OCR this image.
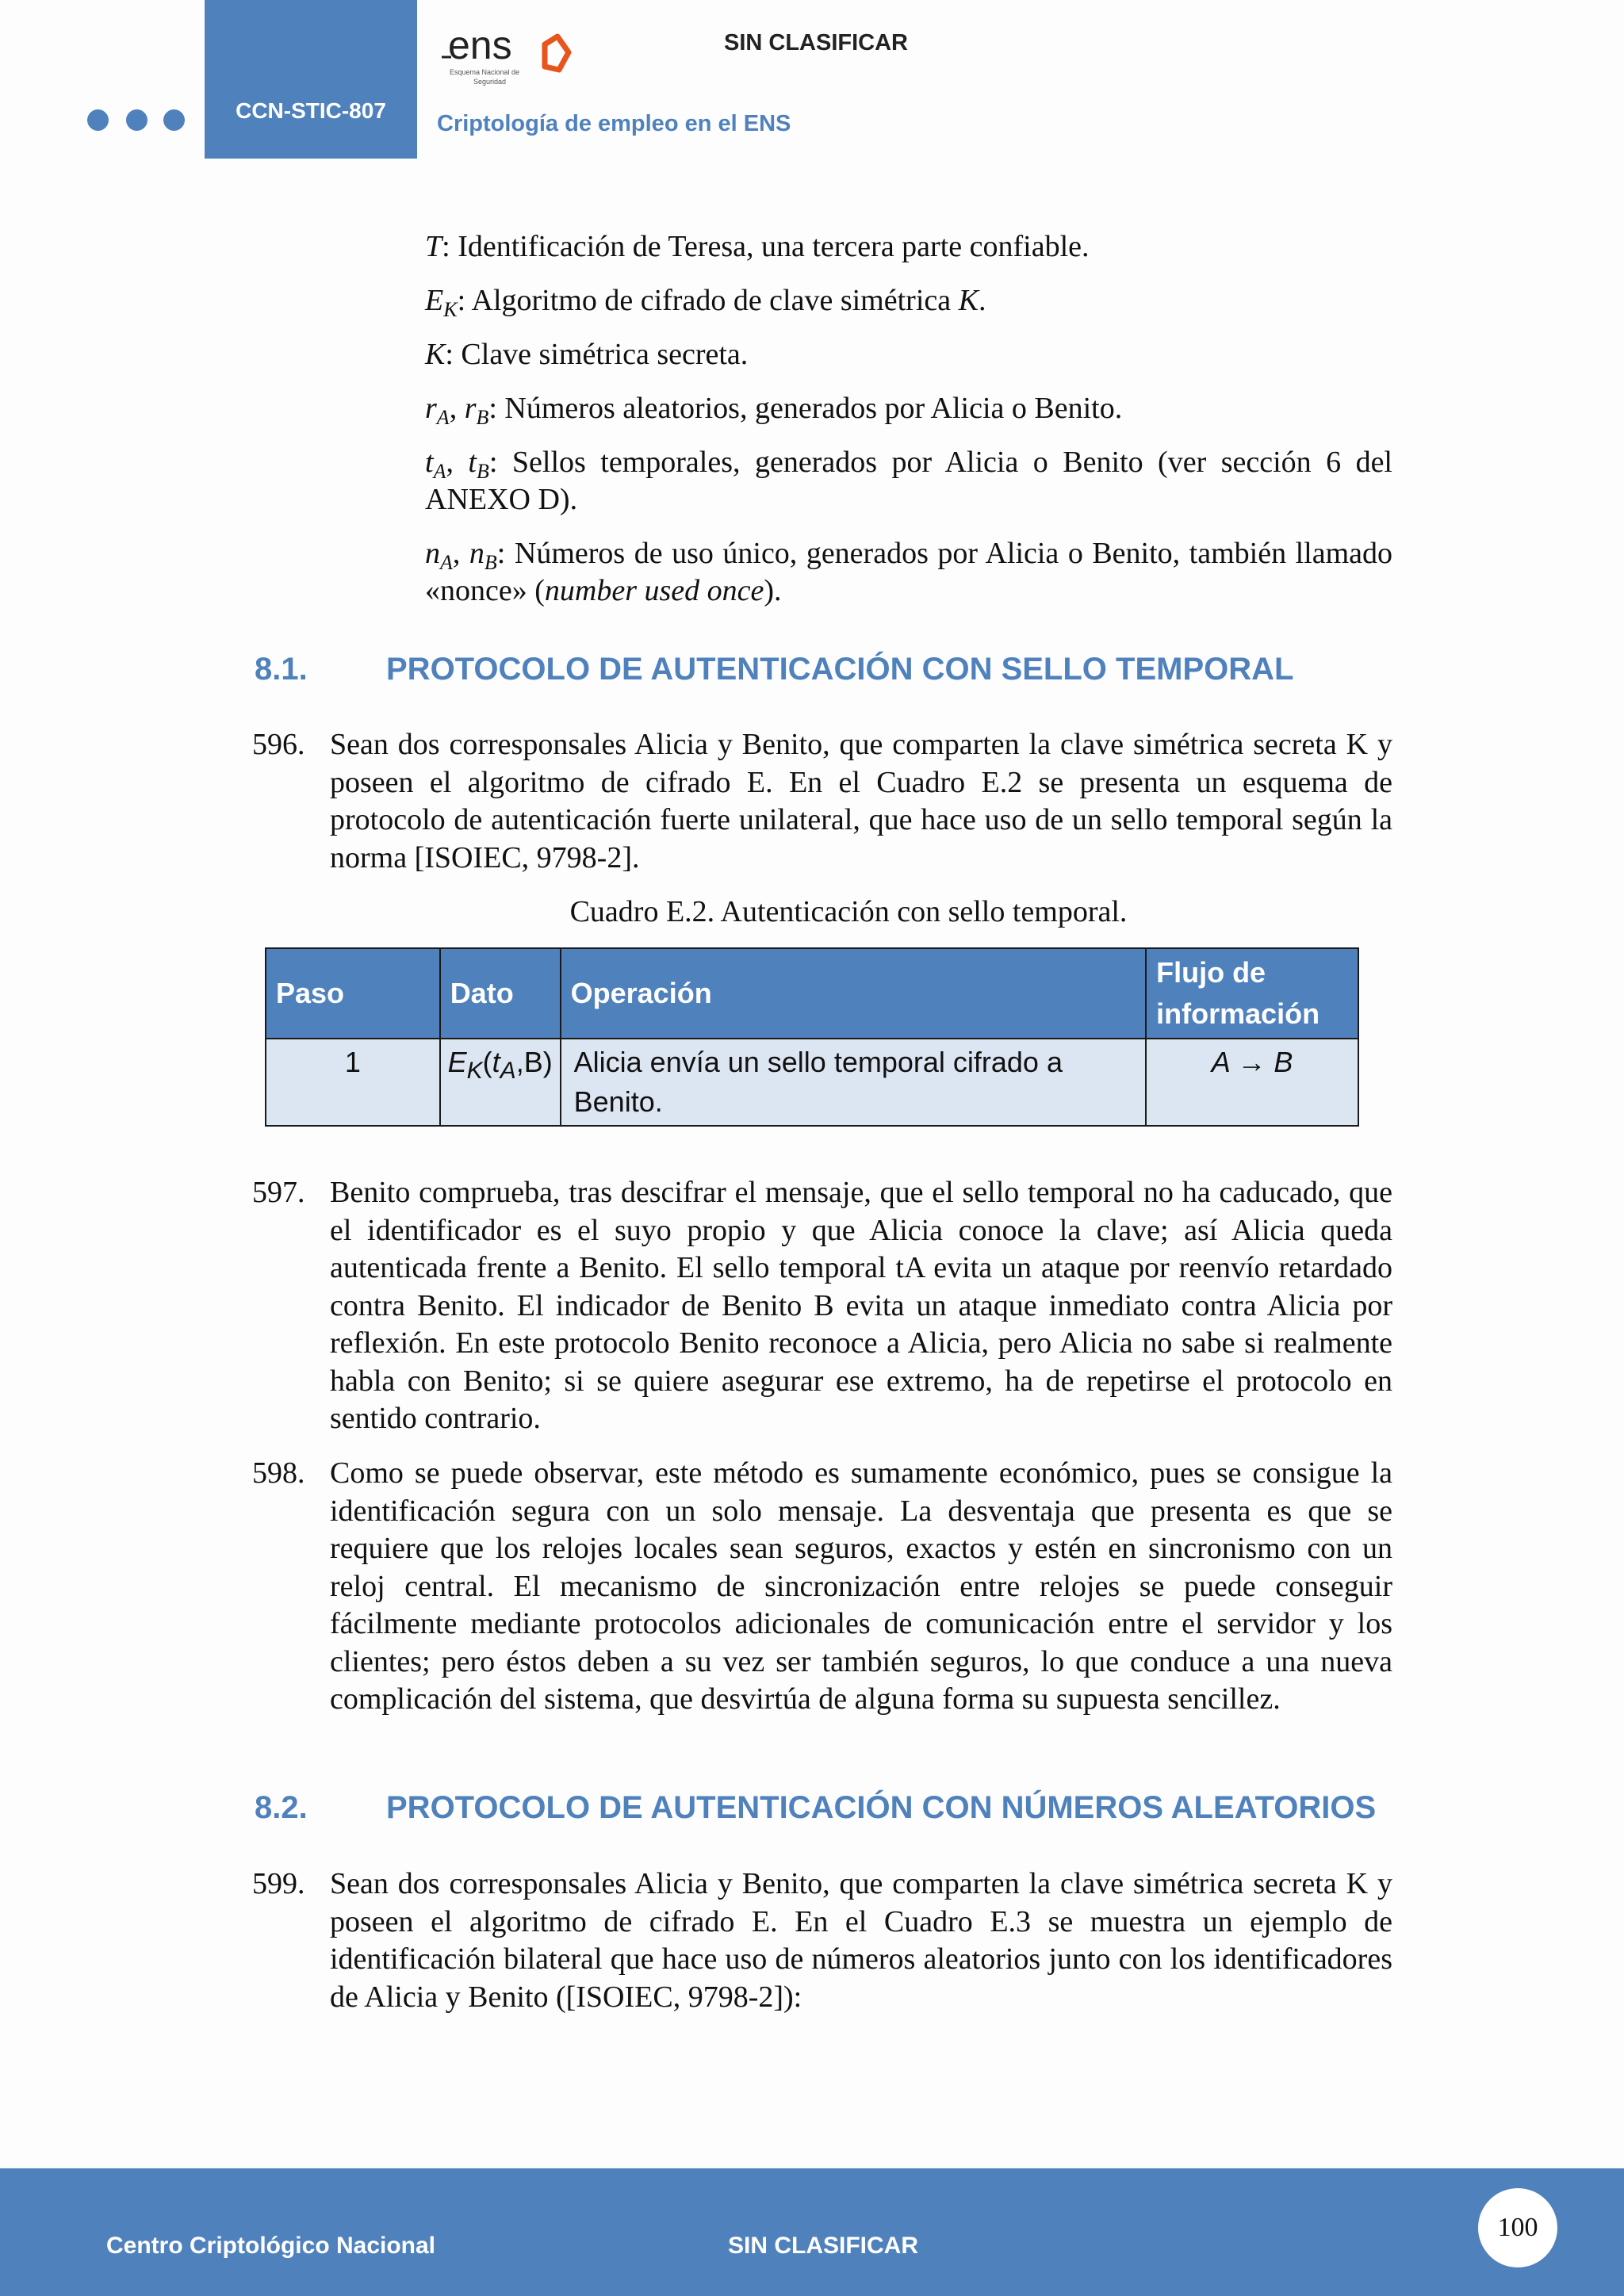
CCN-STIC-807
ens
Esquema Nacional de
Seguridad
SIN CLASIFICAR
Criptología de empleo en el ENS

T: Identificación de Teresa, una tercera parte confiable.

$E_K$: Algoritmo de cifrado de clave simétrica K.

K: Clave simétrica secreta.

$r_A$, $r_B$: Números aleatorios, generados por Alicia o Benito.

$t_A$, $t_B$: Sellos temporales, generados por Alicia o Benito (ver sección 6 del ANEXO D).

$n_A$, $n_B$: Números de uso único, generados por Alicia o Benito, también llamado «nonce» (number used once).

8.1. PROTOCOLO DE AUTENTICACIÓN CON SELLO TEMPORAL
596. Sean dos corresponsales Alicia y Benito, que comparten la clave simétrica secreta K y poseen el algoritmo de cifrado E. En el Cuadro E.2 se presenta un esquema de protocolo de autenticación fuerte unilateral, que hace uso de un sello temporal según la norma [ISOIEC, 9798-2].
Cuadro E.2. Autenticación con sello temporal.
Paso	Dato	Operación	Flujo de información
1	$E_K(t_A,B)$	Alicia envía un sello temporal cifrado a Benito.	A → B
597. Benito comprueba, tras descifrar el mensaje, que el sello temporal no ha caducado, que el identificador es el suyo propio y que Alicia conoce la clave; así Alicia queda autenticada frente a Benito. El sello temporal tA evita un ataque por reenvío retardado contra Benito. El indicador de Benito B evita un ataque inmediato contra Alicia por reflexión. En este protocolo Benito reconoce a Alicia, pero Alicia no sabe si realmente habla con Benito; si se quiere asegurar ese extremo, ha de repetirse el protocolo en sentido contrario.
598. Como se puede observar, este método es sumamente económico, pues se consigue la identificación segura con un solo mensaje. La desventaja que presenta es que se requiere que los relojes locales sean seguros, exactos y estén en sincronismo con un reloj central. El mecanismo de sincronización entre relojes se puede conseguir fácilmente mediante protocolos adicionales de comunicación entre el servidor y los clientes; pero éstos deben a su vez ser también seguros, lo que conduce a una nueva complicación del sistema, que desvirtúa de alguna forma su supuesta sencillez.
8.2. PROTOCOLO DE AUTENTICACIÓN CON NÚMEROS ALEATORIOS
599. Sean dos corresponsales Alicia y Benito, que comparten la clave simétrica secreta K y poseen el algoritmo de cifrado E. En el Cuadro E.3 se muestra un ejemplo de identificación bilateral que hace uso de números aleatorios junto con los identificadores de Alicia y Benito ([ISOIEC, 9798-2]):
Centro Criptológico Nacional	SIN CLASIFICAR
100
